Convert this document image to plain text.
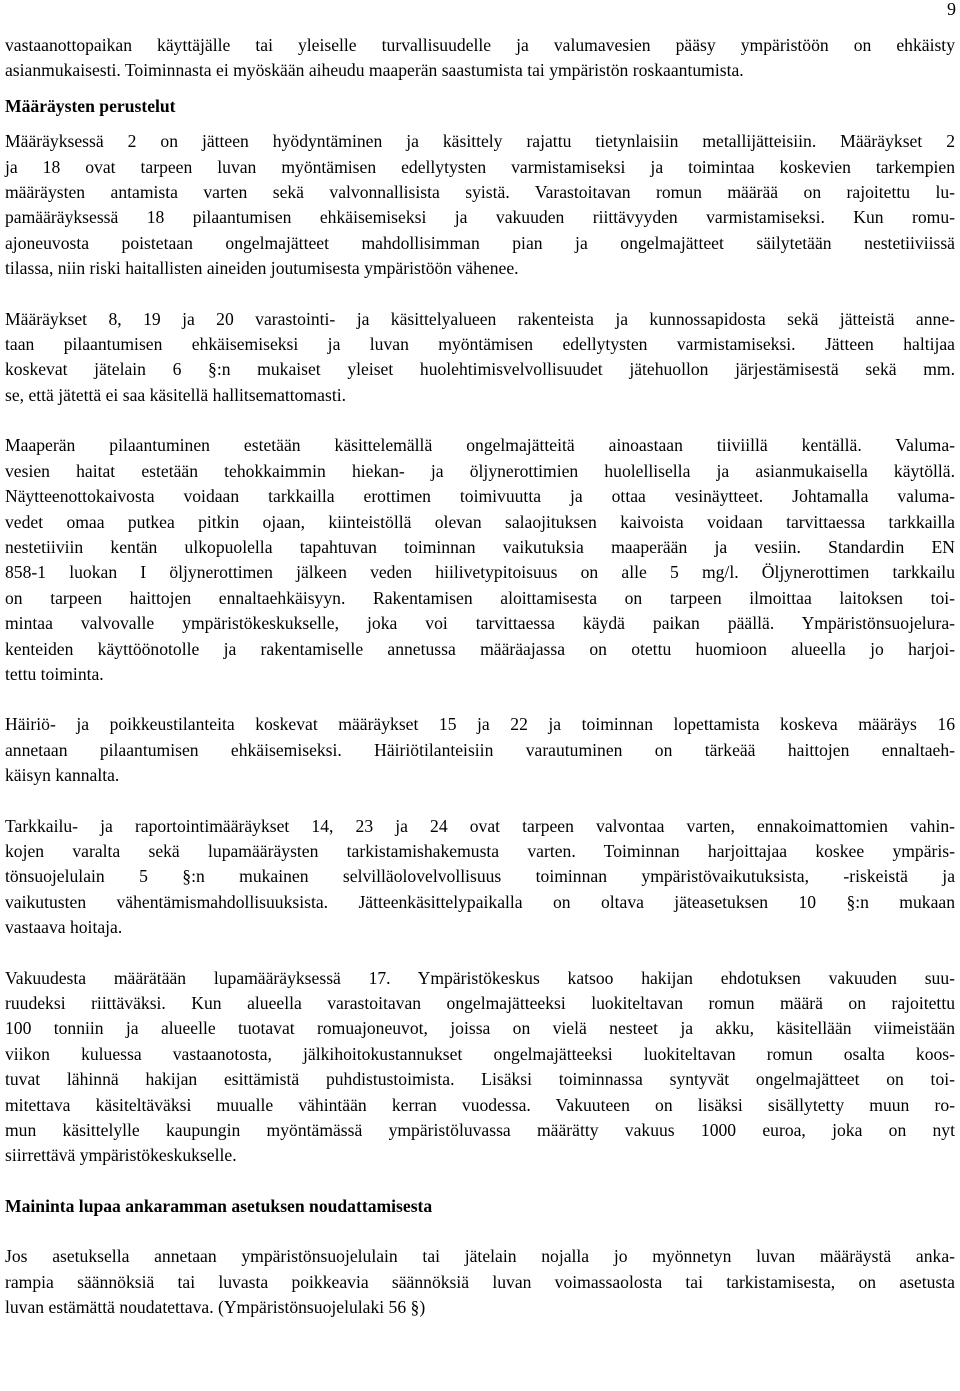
9
vastaanottopaikan käyttäjälle tai yleiselle turvallisuudelle ja valumavesien pääsy ympäristöön on ehkäisty
asianmukaisesti. Toiminnasta ei myöskään aiheudu maaperän saastumista tai ympäristön roskaantumista.
Määräysten perustelut
Määräyksessä 2 on jätteen hyödyntäminen ja käsittely rajattu tietynlaisiin metallijätteisiin. Määräykset 2
ja 18 ovat tarpeen luvan myöntämisen edellytysten varmistamiseksi ja toimintaa koskevien tarkempien
määräysten antamista varten sekä valvonnallisista syistä. Varastoitavan romun määrää on rajoitettu lu-
pamääräyksessä 18 pilaantumisen ehkäisemiseksi ja vakuuden riittävyyden varmistamiseksi. Kun romu-
ajoneuvosta poistetaan ongelmajätteet mahdollisimman pian ja ongelmajätteet säilytetään nestetiiviissä
tilassa, niin riski haitallisten aineiden joutumisesta ympäristöön vähenee.
Määräykset 8, 19 ja 20 varastointi- ja käsittelyalueen rakenteista ja kunnossapidosta sekä jätteistä anne-
taan pilaantumisen ehkäisemiseksi ja luvan myöntämisen edellytysten varmistamiseksi. Jätteen haltijaa
koskevat jätelain 6 §:n mukaiset yleiset huolehtimisvelvollisuudet jätehuollon järjestämisestä sekä mm.
se, että jätettä ei saa käsitellä hallitsemattomasti.
Maaperän pilaantuminen estetään käsittelemällä ongelmajätteitä ainoastaan tiiviillä kentällä. Valuma-
vesien haitat estetään tehokkaimmin hiekan- ja öljynerottimien huolellisella ja asianmukaisella käytöllä.
Näytteenottokaivosta voidaan tarkkailla erottimen toimivuutta ja ottaa vesinäytteet. Johtamalla valuma-
vedet omaa putkea pitkin ojaan, kiinteistöllä olevan salaojituksen kaivoista voidaan tarvittaessa tarkkailla
nestetiiviin kentän ulkopuolella tapahtuvan toiminnan vaikutuksia maaperään ja vesiin. Standardin EN
858-1 luokan I öljynerottimen jälkeen veden hiilivetypitoisuus on alle 5 mg/l. Öljynerottimen tarkkailu
on tarpeen haittojen ennaltaehkäisyyn. Rakentamisen aloittamisesta on tarpeen ilmoittaa laitoksen toi-
mintaa valvovalle ympäristökeskukselle, joka voi tarvittaessa käydä paikan päällä. Ympäristönsuojelura-
kenteiden käyttöönotolle ja rakentamiselle annetussa määräajassa on otettu huomioon alueella jo harjoi-
tettu toiminta.
Häiriö- ja poikkeustilanteita koskevat määräykset 15 ja 22 ja toiminnan lopettamista koskeva määräys 16
annetaan pilaantumisen ehkäisemiseksi. Häiriötilanteisiin varautuminen on tärkeää haittojen ennaltaeh-
käisyn kannalta.
Tarkkailu- ja raportointimääräykset 14, 23 ja 24 ovat tarpeen valvontaa varten, ennakoimattomien vahin-
kojen varalta sekä lupamääräysten tarkistamishakemusta varten. Toiminnan harjoittajaa koskee ympäris-
tönsuojelulain 5 §:n mukainen selvilläolovelvollisuus toiminnan ympäristövaikutuksista, -riskeistä ja
vaikutusten vähentämismahdollisuuksista. Jätteenkäsittelypaikalla on oltava jäteasetuksen 10 §:n mukaan
vastaava hoitaja.
Vakuudesta määrätään lupamääräyksessä 17. Ympäristökeskus katsoo hakijan ehdotuksen vakuuden suu-
ruudeksi riittäväksi. Kun alueella varastoitavan ongelmajätteeksi luokiteltavan romun määrä on rajoitettu
100 tonniin ja alueelle tuotavat romuajoneuvot, joissa on vielä nesteet ja akku, käsitellään viimeistään
viikon kuluessa vastaanotosta, jälkihoitokustannukset ongelmajätteeksi luokiteltavan romun osalta koos-
tuvat lähinnä hakijan esittämistä puhdistustoimista. Lisäksi toiminnassa syntyvät ongelmajätteet on toi-
mitettava käsiteltäväksi muualle vähintään kerran vuodessa. Vakuuteen on lisäksi sisällytetty muun ro-
mun käsittelylle kaupungin myöntämässä ympäristöluvassa määrätty vakuus 1000 euroa, joka on nyt
siirrettävä ympäristökeskukselle.
Maininta lupaa ankaramman asetuksen noudattamisesta
Jos asetuksella annetaan ympäristönsuojelulain tai jätelain nojalla jo myönnetyn luvan määräystä anka-
rampia säännöksiä tai luvasta poikkeavia säännöksiä luvan voimassaolosta tai tarkistamisesta, on asetusta
luvan estämättä noudatettava. (Ympäristönsuojelulaki 56 §)
